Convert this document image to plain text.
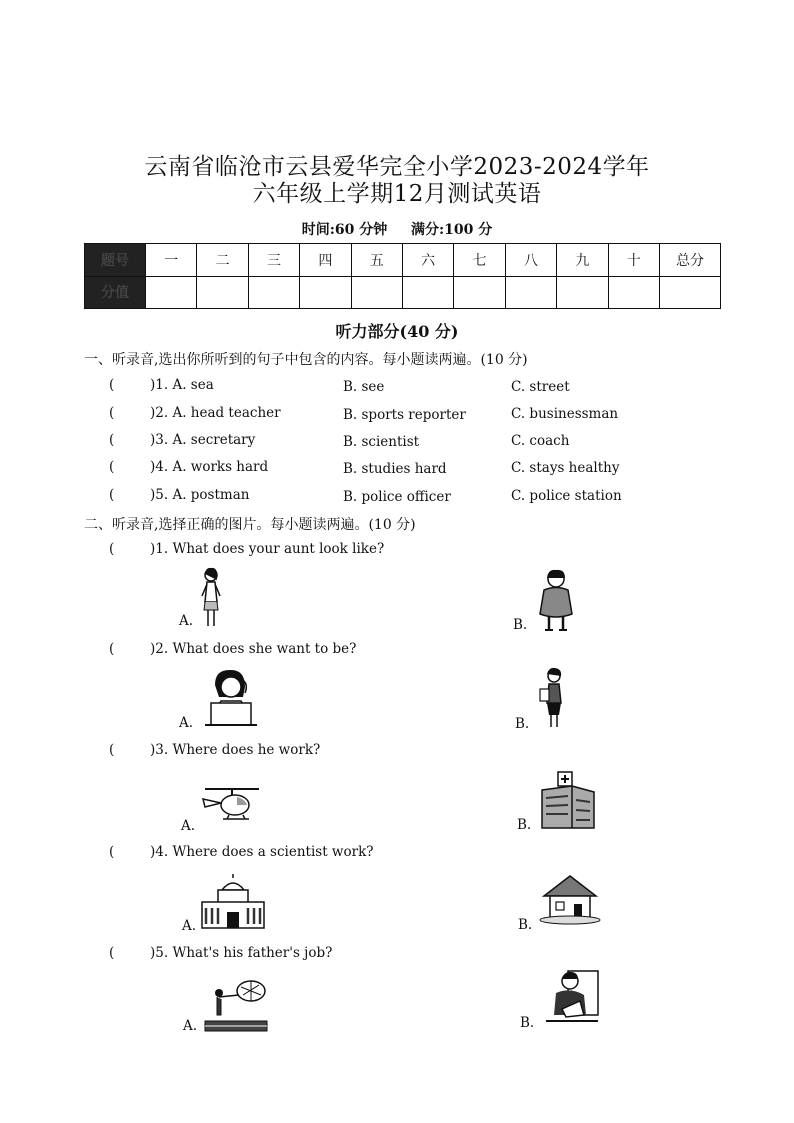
云南省临沧市云县爱华完全小学2023-2024学年
六年级上学期12月测试英语
时间:60 分钟 满分:100 分
题号	一	二	三	四	五	六	七	八	九	十	总分
分值											
听力部分(40 分)
一、听录音,选出你所听到的句子中包含的内容。每小题读两遍。(10 分)
(	)1. A. sea	B. see	C. street
(	)2. A. head teacher	B. sports reporter	C. businessman
(	)3. A. secretary	B. scientist	C. coach
(	)4. A. works hard	B. studies hard	C. stays healthy
(	)5. A. postman	B. police officer	C. police station
二、听录音,选择正确的图片。每小题读两遍。(10 分)
(	)1. What does your aunt look like?
A.	B.
(	)2. What does she want to be?
A.	B.
(	)3. Where does he work?
A.	B.
(	)4. Where does a scientist work?
A.	B.
(	)5. What's his father's job?
A.	B.
